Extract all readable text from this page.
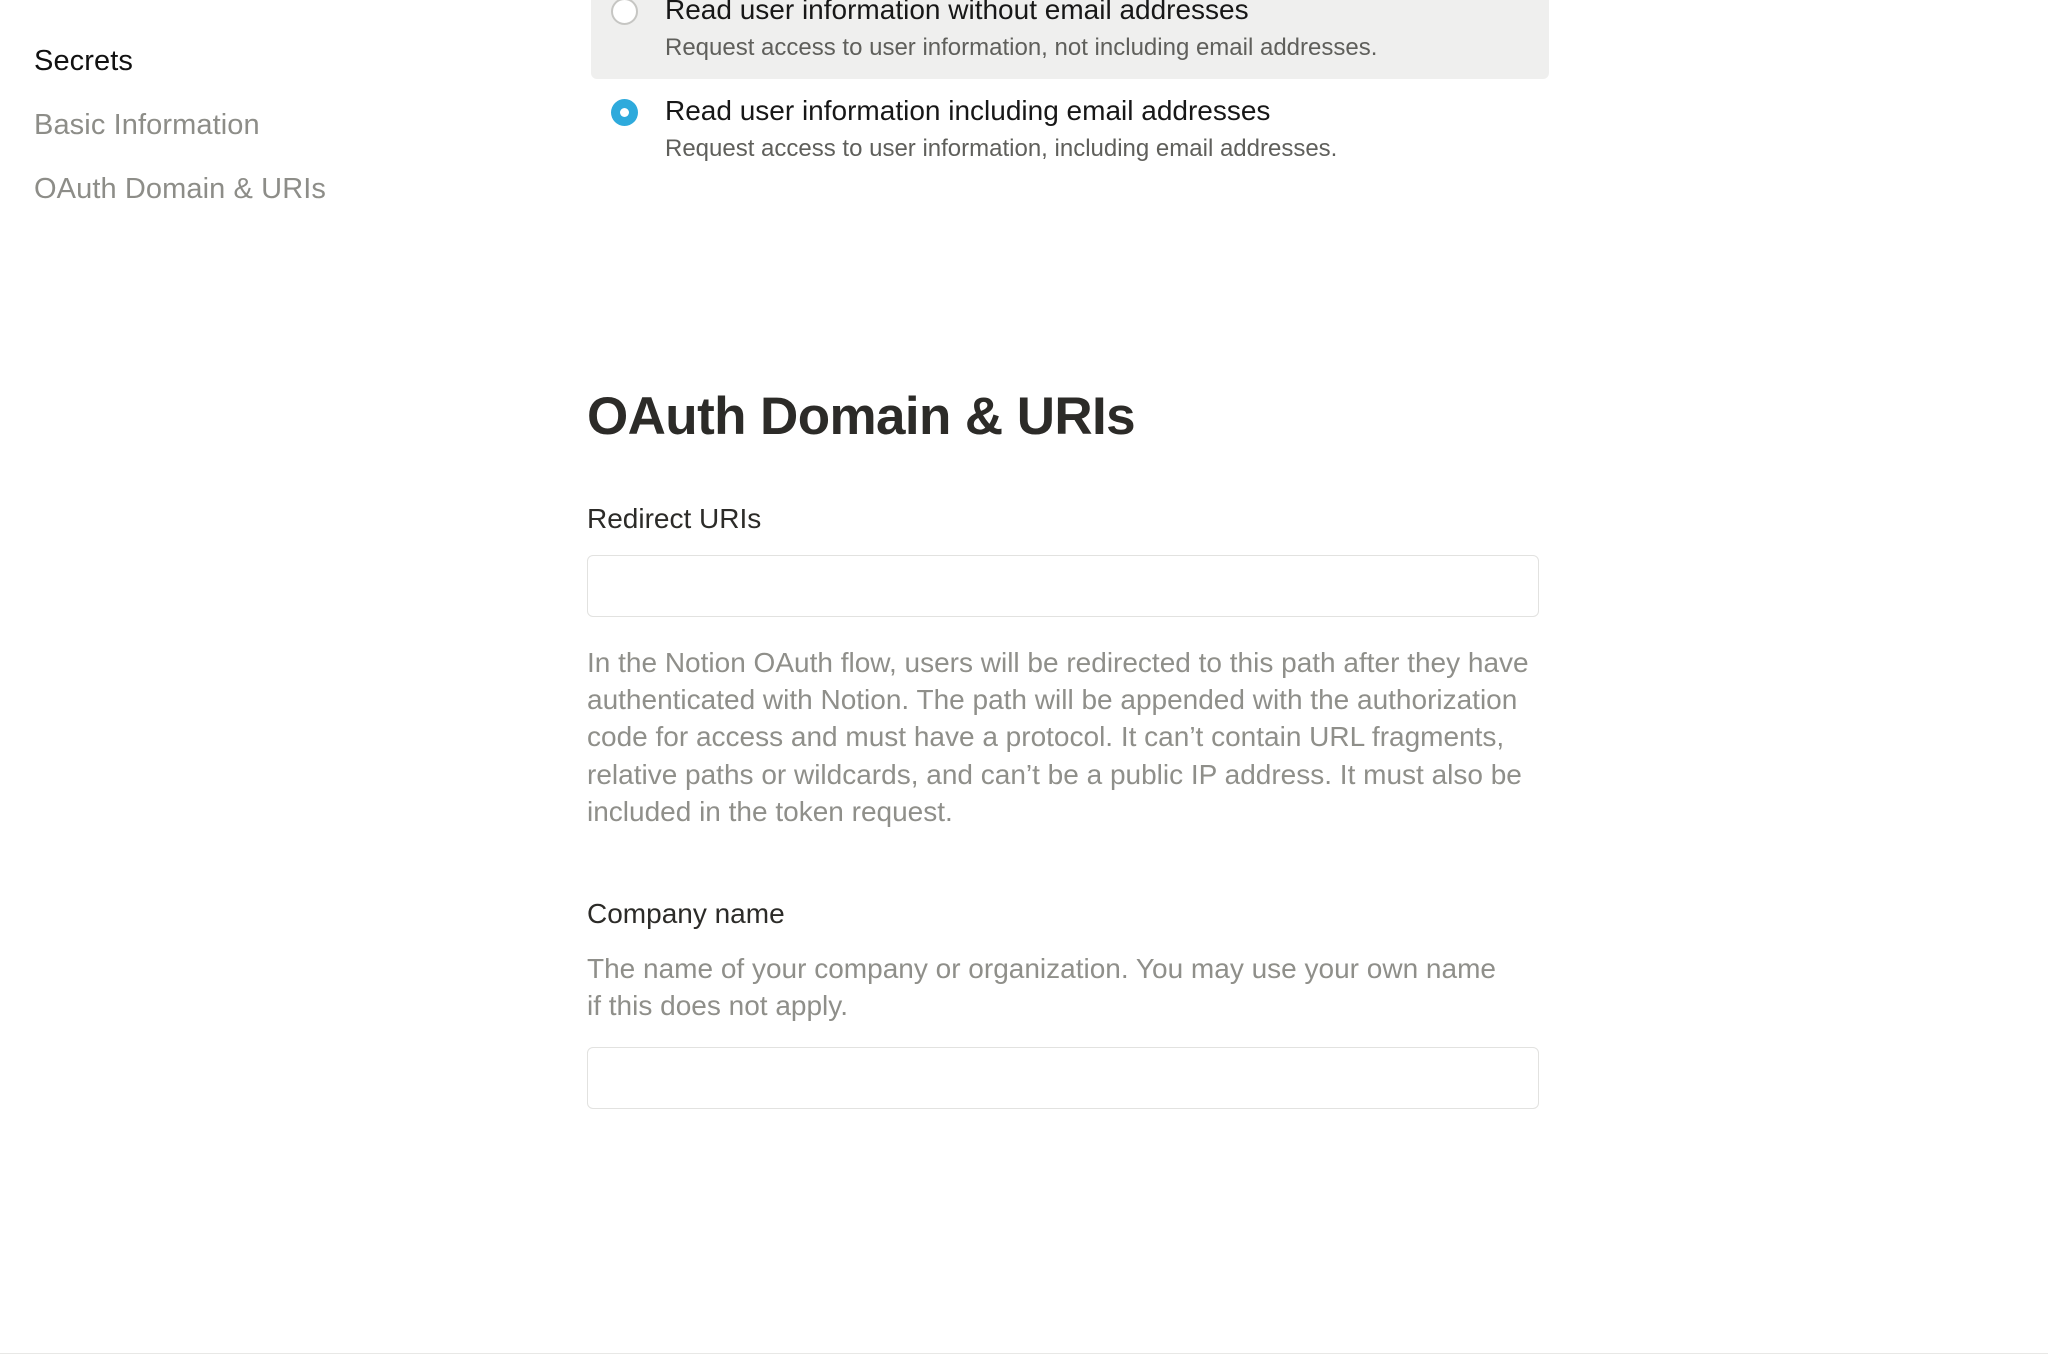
Secrets
Basic Information
OAuth Domain & URIs
Read user information without email addresses
Request access to user information, not including email addresses.
Read user information including email addresses
Request access to user information, including email addresses.
OAuth Domain & URIs
Redirect URIs
In the Notion OAuth flow, users will be redirected to this path after they have authenticated with Notion. The path will be appended with the authorization code for access and must have a protocol. It can’t contain URL fragments, relative paths or wildcards, and can’t be a public IP address. It must also be included in the token request.
Company name
The name of your company or organization. You may use your own name if this does not apply.
